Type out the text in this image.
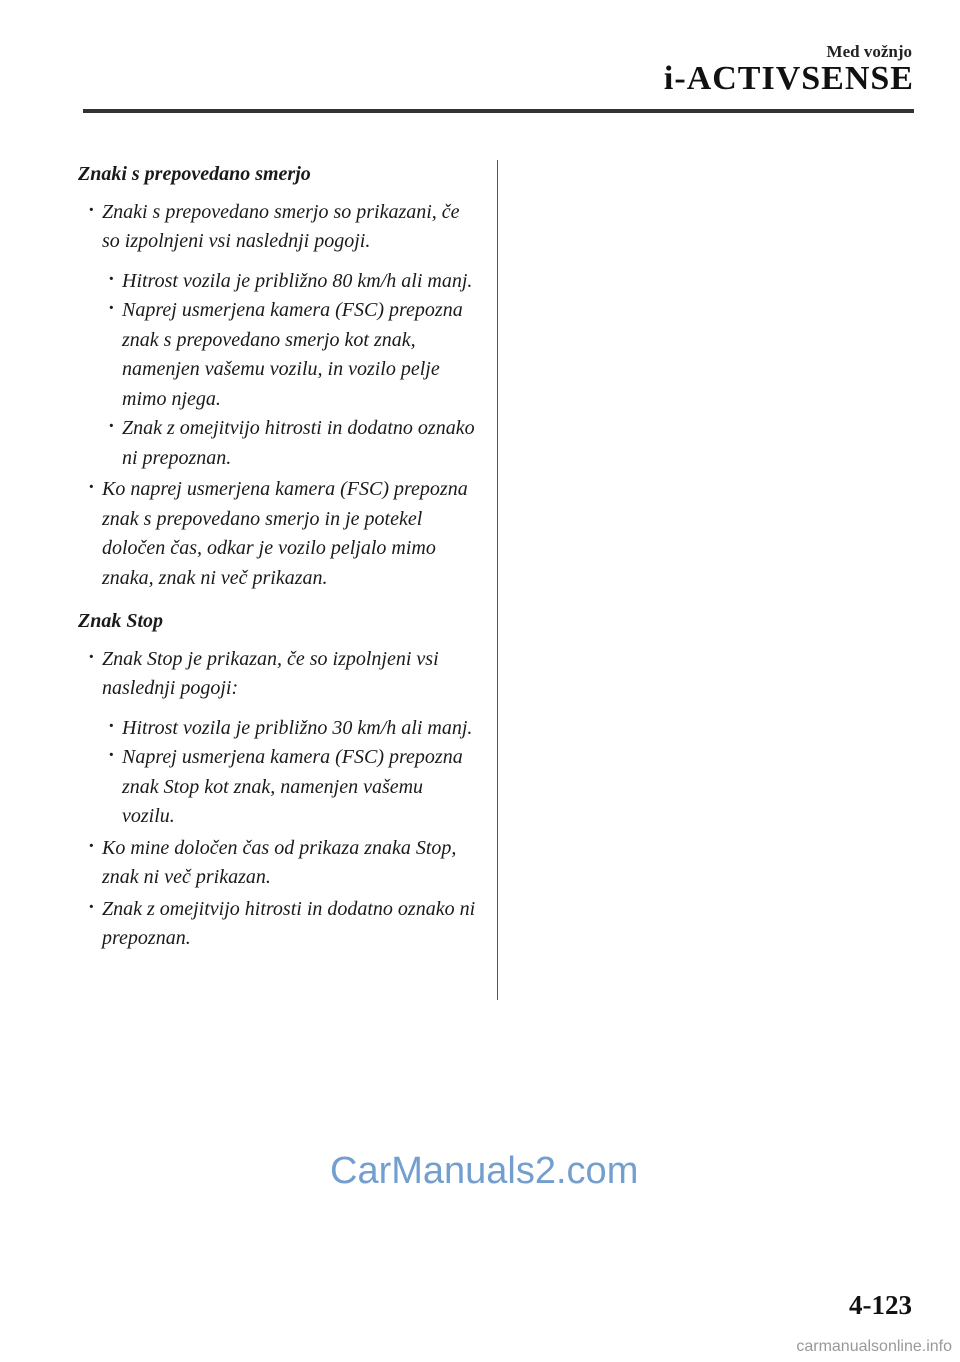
Med vožnjo
i-ACTIVSENSE
Znaki s prepovedano smerjo
· Znaki s prepovedano smerjo so prikazani, če so izpolnjeni vsi naslednji pogoji.
· Hitrost vozila je približno 80 km/h ali manj.
· Naprej usmerjena kamera (FSC) prepozna znak s prepovedano smerjo kot znak, namenjen vašemu vozilu, in vozilo pelje mimo njega.
· Znak z omejitvijo hitrosti in dodatno oznako ni prepoznan.
· Ko naprej usmerjena kamera (FSC) prepozna znak s prepovedano smerjo in je potekel določen čas, odkar je vozilo peljalo mimo znaka, znak ni več prikazan.
Znak Stop
· Znak Stop je prikazan, če so izpolnjeni vsi naslednji pogoji:
· Hitrost vozila je približno 30 km/h ali manj.
· Naprej usmerjena kamera (FSC) prepozna znak Stop kot znak, namenjen vašemu vozilu.
· Ko mine določen čas od prikaza znaka Stop, znak ni več prikazan.
· Znak z omejitvijo hitrosti in dodatno oznako ni prepoznan.
CarManuals2.com
4-123
carmanualsonline.info
